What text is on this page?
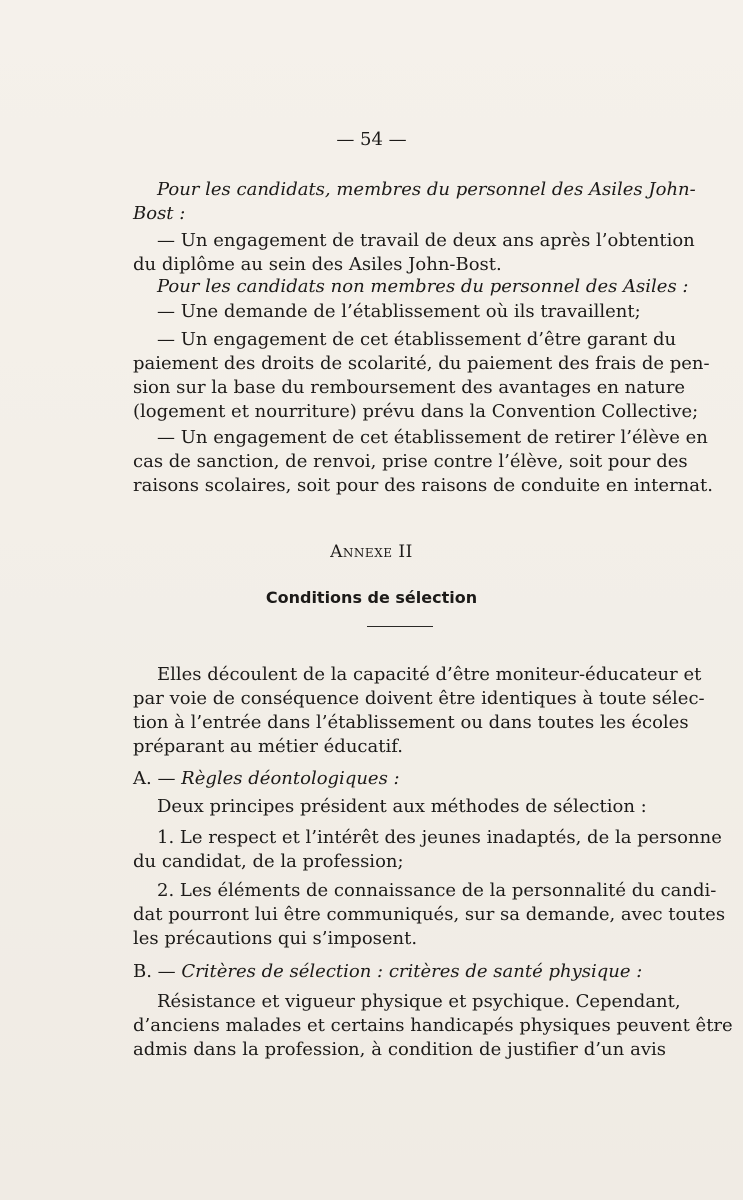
— 54 —
Pour les candidats, membres du personnel des Asiles John-
Bost :
— Un engagement de travail de deux ans après l’obtention
du diplôme au sein des Asiles John-Bost.
Pour les candidats non membres du personnel des Asiles :
— Une demande de l’établissement où ils travaillent;
— Un engagement de cet établissement d’être garant du
paiement des droits de scolarité, du paiement des frais de pen-
sion sur la base du remboursement des avantages en nature
(logement et nourriture) prévu dans la Convention Collective;
— Un engagement de cet établissement de retirer l’élève en
cas de sanction, de renvoi, prise contre l’élève, soit pour des
raisons scolaires, soit pour des raisons de conduite en internat.
Annexe II
Conditions de sélection
Elles découlent de la capacité d’être moniteur-éducateur et
par voie de conséquence doivent être identiques à toute sélec-
tion à l’entrée dans l’établissement ou dans toutes les écoles
préparant au métier éducatif.
A. — Règles déontologiques :
Deux principes président aux méthodes de sélection :
1. Le respect et l’intérêt des jeunes inadaptés, de la personne
du candidat, de la profession;
2. Les éléments de connaissance de la personnalité du candi-
dat pourront lui être communiqués, sur sa demande, avec toutes
les précautions qui s’imposent.
B. — Critères de sélection : critères de santé physique :
Résistance et vigueur physique et psychique. Cependant,
d’anciens malades et certains handicapés physiques peuvent être
admis dans la profession, à condition de justifier d’un avis
